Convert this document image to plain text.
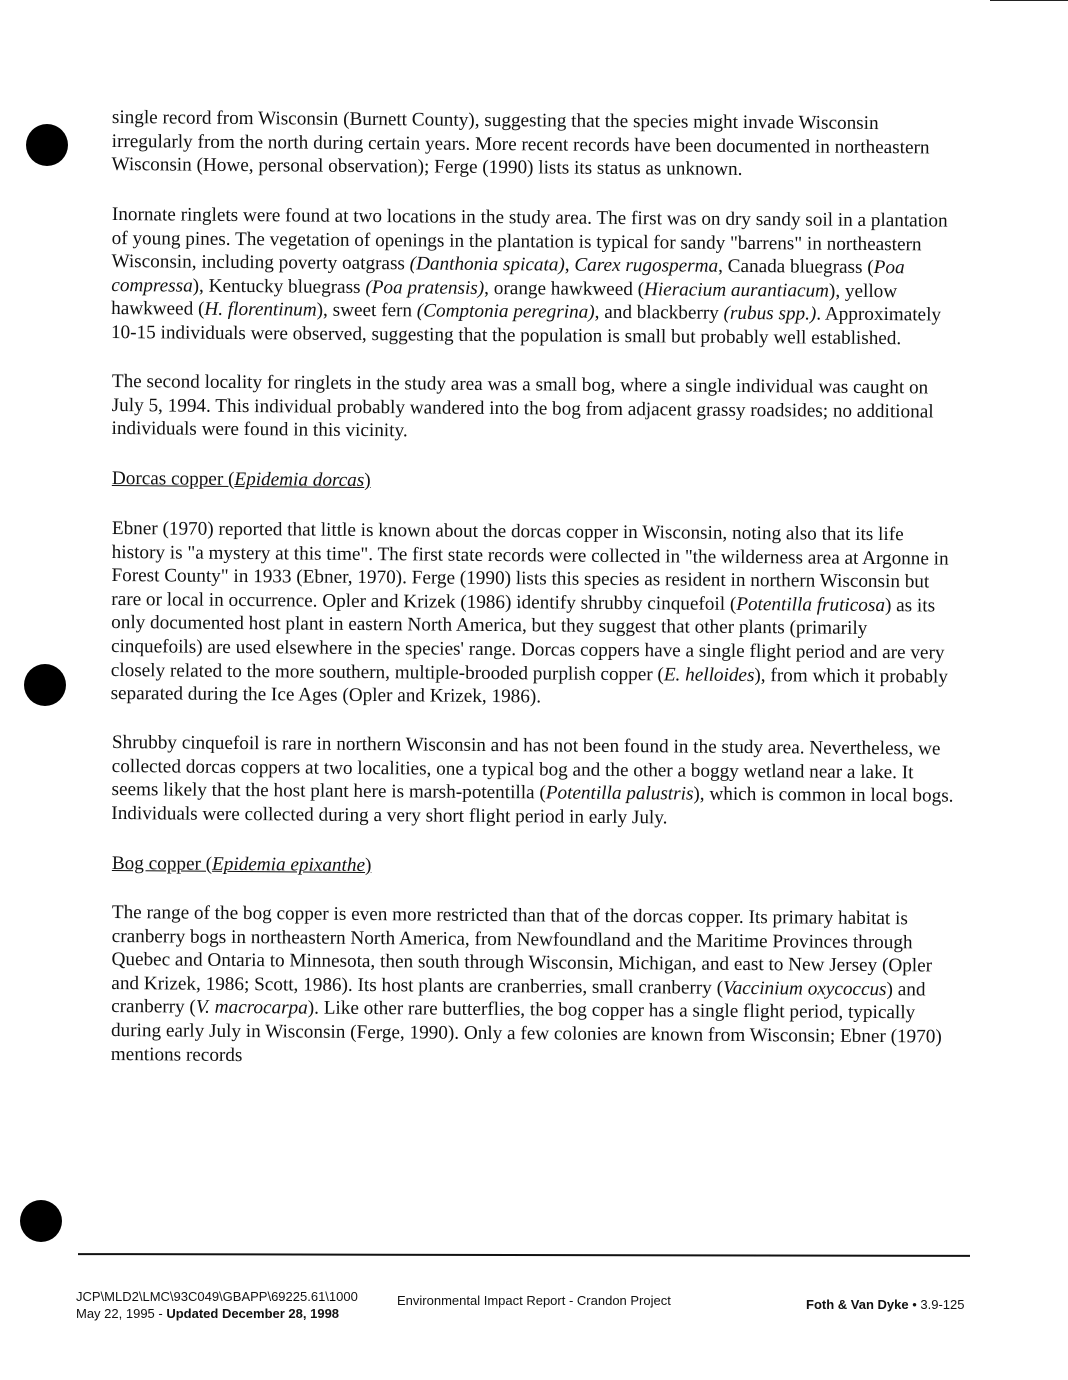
single record from Wisconsin (Burnett County), suggesting that the species might invade Wisconsin irregularly from the north during certain years. More recent records have been documented in northeastern Wisconsin (Howe, personal observation); Ferge (1990) lists its status as unknown.

Inornate ringlets were found at two locations in the study area. The first was on dry sandy soil in a plantation of young pines. The vegetation of openings in the plantation is typical for sandy "barrens" in northeastern Wisconsin, including poverty oatgrass (Danthonia spicata), Carex rugosperma, Canada bluegrass (Poa compressa), Kentucky bluegrass (Poa pratensis), orange hawkweed (Hieracium aurantiacum), yellow hawkweed (H. florentinum), sweet fern (Comptonia peregrina), and blackberry (rubus spp.). Approximately 10-15 individuals were observed, suggesting that the population is small but probably well established.

The second locality for ringlets in the study area was a small bog, where a single individual was caught on July 5, 1994. This individual probably wandered into the bog from adjacent grassy roadsides; no additional individuals were found in this vicinity.

Dorcas copper (Epidemia dorcas)

Ebner (1970) reported that little is known about the dorcas copper in Wisconsin, noting also that its life history is "a mystery at this time". The first state records were collected in "the wilderness area at Argonne in Forest County" in 1933 (Ebner, 1970). Ferge (1990) lists this species as resident in northern Wisconsin but rare or local in occurrence. Opler and Krizek (1986) identify shrubby cinquefoil (Potentilla fruticosa) as its only documented host plant in eastern North America, but they suggest that other plants (primarily cinquefoils) are used elsewhere in the species' range. Dorcas coppers have a single flight period and are very closely related to the more southern, multiple-brooded purplish copper (E. helloides), from which it probably separated during the Ice Ages (Opler and Krizek, 1986).

Shrubby cinquefoil is rare in northern Wisconsin and has not been found in the study area. Nevertheless, we collected dorcas coppers at two localities, one a typical bog and the other a boggy wetland near a lake. It seems likely that the host plant here is marsh-potentilla (Potentilla palustris), which is common in local bogs. Individuals were collected during a very short flight period in early July.

Bog copper (Epidemia epixanthe)

The range of the bog copper is even more restricted than that of the dorcas copper. Its primary habitat is cranberry bogs in northeastern North America, from Newfoundland and the Maritime Provinces through Quebec and Ontaria to Minnesota, then south through Wisconsin, Michigan, and east to New Jersey (Opler and Krizek, 1986; Scott, 1986). Its host plants are cranberries, small cranberry (Vaccinium oxycoccus) and cranberry (V. macrocarpa). Like other rare butterflies, the bog copper has a single flight period, typically during early July in Wisconsin (Ferge, 1990). Only a few colonies are known from Wisconsin; Ebner (1970) mentions records

JCP\MLD2\LMC\93C049\GBAPP\69225.61\1000
May 22, 1995 - Updated December 28, 1998
Environmental Impact Report - Crandon Project	Foth & Van Dyke • 3.9-125
